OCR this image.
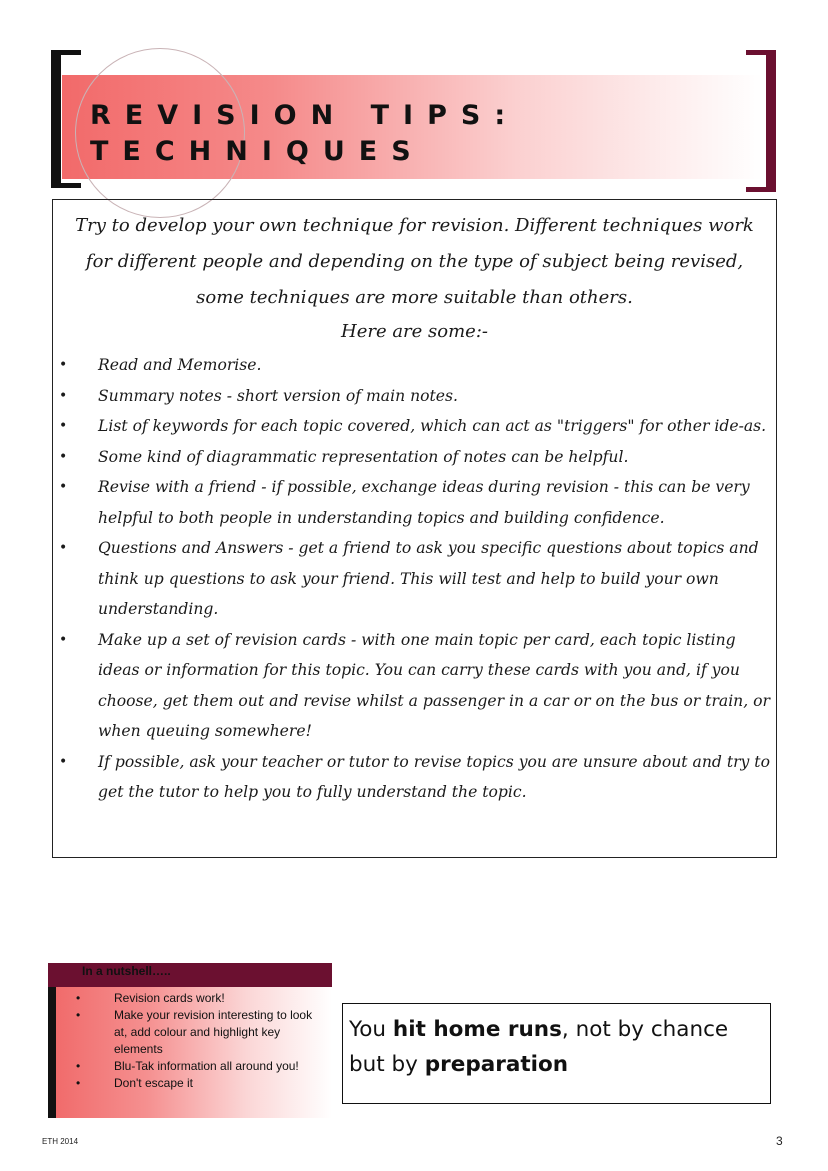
REVISION TIPS:
TECHNIQUES

Try to develop your own technique for revision. Different techniques work for different people and depending on the type of subject being revised, some techniques are more suitable than others.

Here are some:-

• Read and Memorise.
• Summary notes - short version of main notes.
• List of keywords for each topic covered, which can act as "triggers" for other ide-as.
• Some kind of diagrammatic representation of notes can be helpful.
• Revise with a friend - if possible, exchange ideas during revision - this can be very helpful to both people in understanding topics and building confidence.
• Questions and Answers - get a friend to ask you specific questions about topics and think up questions to ask your friend. This will test and help to build your own understanding.
• Make up a set of revision cards - with one main topic per card, each topic listing ideas or information for this topic. You can carry these cards with you and, if you choose, get them out and revise whilst a passenger in a car or on the bus or train, or when queuing somewhere!
• If possible, ask your teacher or tutor to revise topics you are unsure about and try to get the tutor to help you to fully understand the topic.
In a nutshell…..
•	Revision cards work!
•	Make your revision interesting to look at, add colour and highlight key elements
•	Blu-Tak information all around you!
•	Don't escape it
You hit home runs, not by chance but by preparation
ETH 2014	3
